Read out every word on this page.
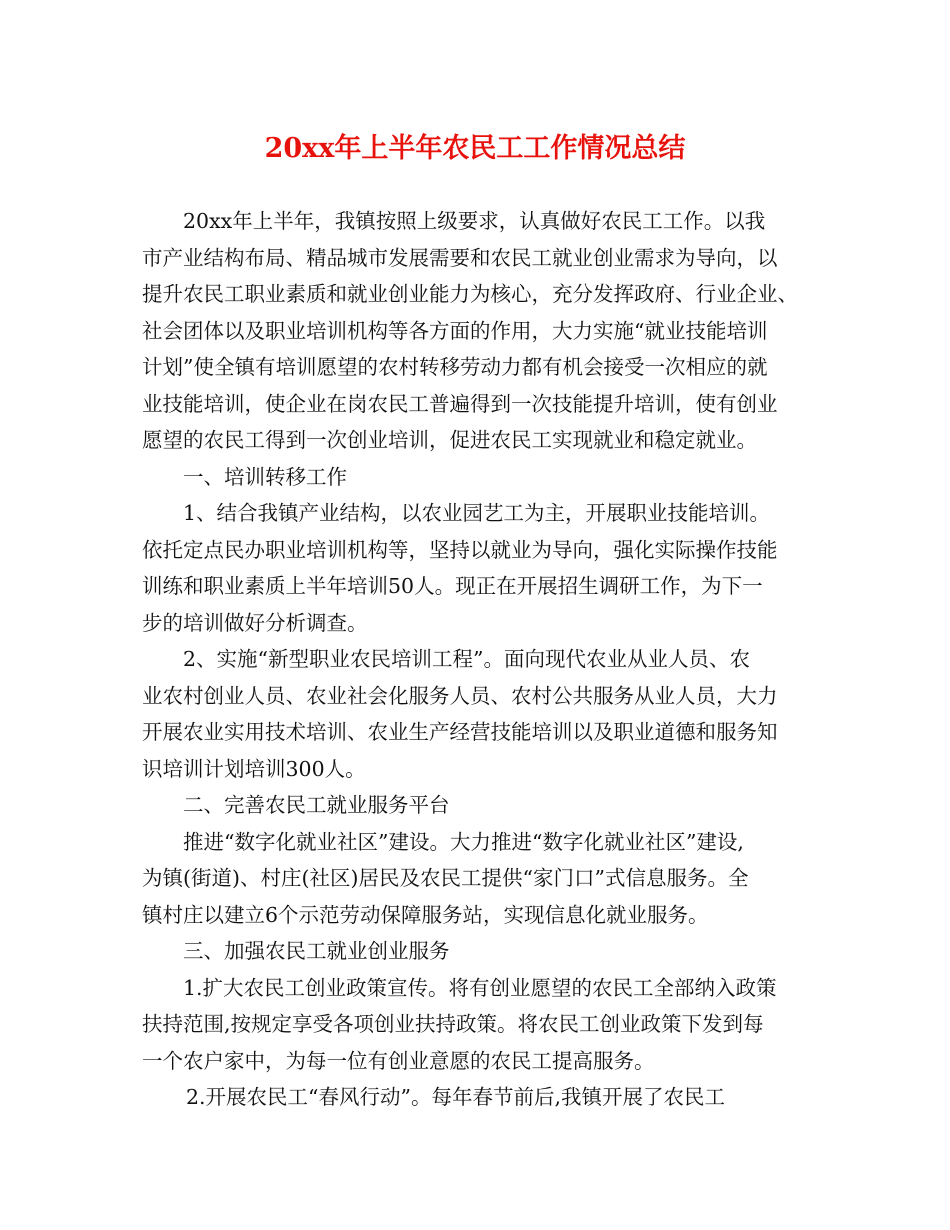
20xx年上半年农民工工作情况总结
20xx年上半年，我镇按照上级要求，认真做好农民工工作。以我
市产业结构布局、精品城市发展需要和农民工就业创业需求为导向，以
提升农民工职业素质和就业创业能力为核心，充分发挥政府、行业企业、
社会团体以及职业培训机构等各方面的作用，大力实施“就业技能培训
计划”使全镇有培训愿望的农村转移劳动力都有机会接受一次相应的就
业技能培训，使企业在岗农民工普遍得到一次技能提升培训，使有创业
愿望的农民工得到一次创业培训，促进农民工实现就业和稳定就业。
一、培训转移工作
1、结合我镇产业结构，以农业园艺工为主，开展职业技能培训。
依托定点民办职业培训机构等，坚持以就业为导向，强化实际操作技能
训练和职业素质上半年培训50人。现正在开展招生调研工作，为下一
步的培训做好分析调查。
2、实施“新型职业农民培训工程”。面向现代农业从业人员、农
业农村创业人员、农业社会化服务人员、农村公共服务从业人员，大力
开展农业实用技术培训、农业生产经营技能培训以及职业道德和服务知
识培训计划培训300人。
二、完善农民工就业服务平台
推进“数字化就业社区”建设。大力推进“数字化就业社区”建设,
为镇(街道)、村庄(社区)居民及农民工提供“家门口”式信息服务。全
镇村庄以建立6个示范劳动保障服务站，实现信息化就业服务。
三、加强农民工就业创业服务
1.扩大农民工创业政策宣传。将有创业愿望的农民工全部纳入政策
扶持范围,按规定享受各项创业扶持政策。将农民工创业政策下发到每
一个农户家中，为每一位有创业意愿的农民工提高服务。
2.开展农民工“春风行动”。每年春节前后,我镇开展了农民工
